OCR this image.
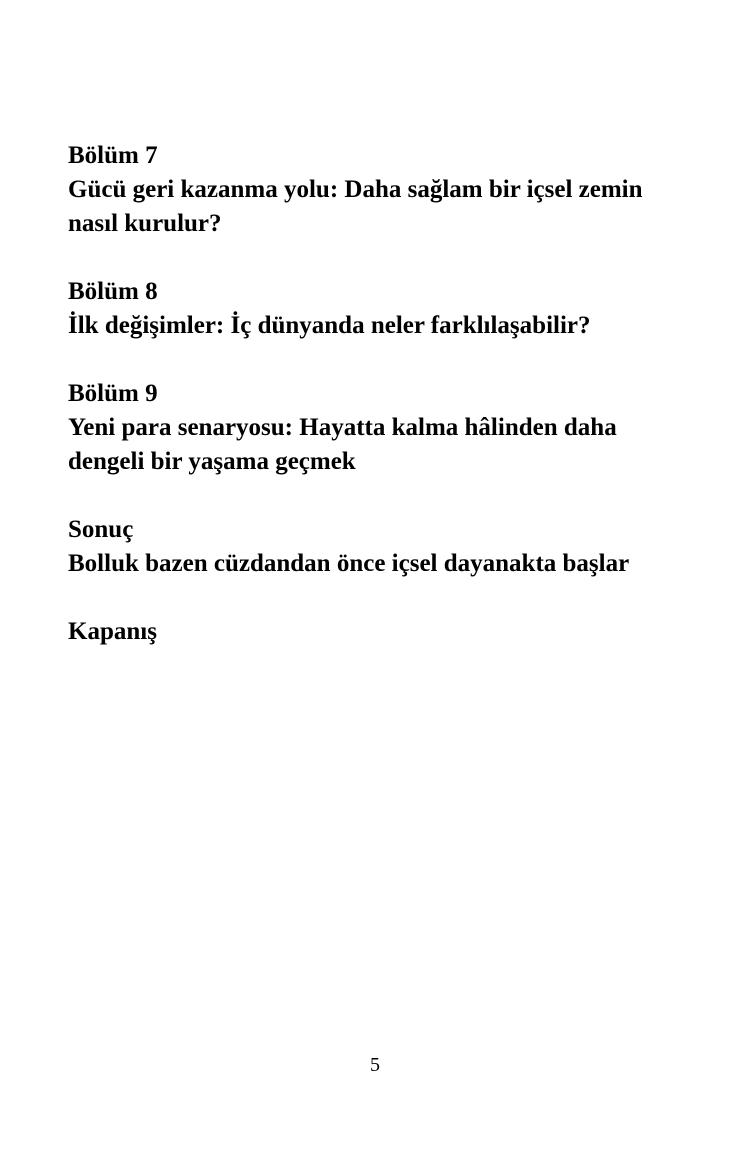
Bölüm 7
Gücü geri kazanma yolu: Daha sağlam bir içsel zemin nasıl kurulur?
Bölüm 8
İlk değişimler: İç dünyanda neler farklılaşabilir?
Bölüm 9
Yeni para senaryosu: Hayatta kalma hâlinden daha dengeli bir yaşama geçmek
Sonuç
Bolluk bazen cüzdandan önce içsel dayanakta başlar
Kapanış
5
